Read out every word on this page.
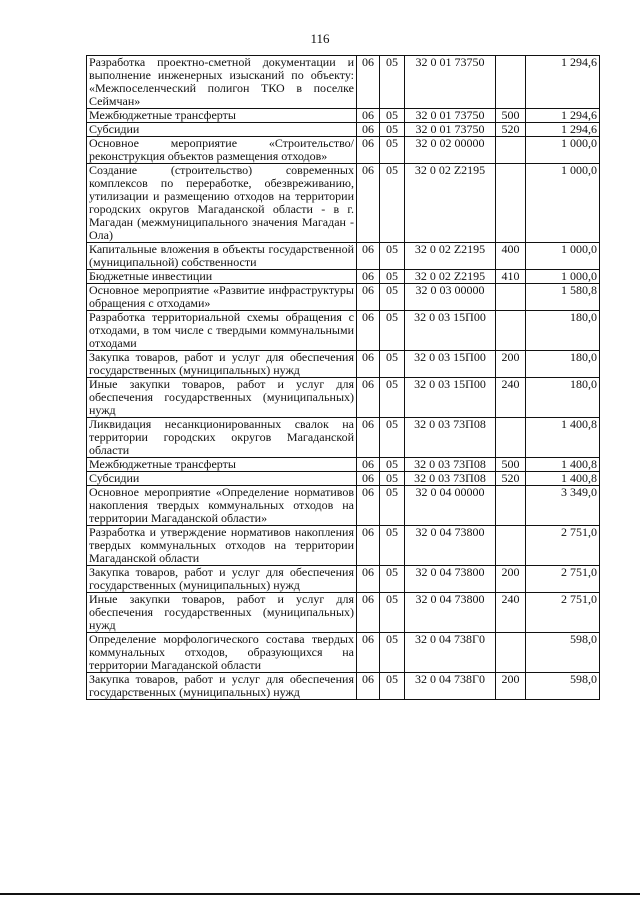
116
Разработка проектно-сметной документации и выполнение инженерных изысканий по объекту: «Межпоселенческий полигон ТКО в поселке Сеймчан»	06	05	32 0 01 73750		1 294,6
Межбюджетные трансферты	06	05	32 0 01 73750	500	1 294,6
Субсидии	06	05	32 0 01 73750	520	1 294,6
Основное мероприятие «Строительство/реконструкция объектов размещения отходов»	06	05	32 0 02 00000		1 000,0
Создание (строительство) современных комплексов по переработке, обезвреживанию, утилизации и размещению отходов на территории городских округов Магаданской области - в г. Магадан (межмуниципального значения Магадан - Ола)	06	05	32 0 02 Z2195		1 000,0
Капитальные вложения в объекты государственной (муниципальной) собственности	06	05	32 0 02 Z2195	400	1 000,0
Бюджетные инвестиции	06	05	32 0 02 Z2195	410	1 000,0
Основное мероприятие «Развитие инфраструктуры обращения с отходами»	06	05	32 0 03 00000		1 580,8
Разработка территориальной схемы обращения с отходами, в том числе с твердыми коммунальными отходами	06	05	32 0 03 15П00		180,0
Закупка товаров, работ и услуг для обеспечения государственных (муниципальных) нужд	06	05	32 0 03 15П00	200	180,0
Иные закупки товаров, работ и услуг для обеспечения государственных (муниципальных) нужд	06	05	32 0 03 15П00	240	180,0
Ликвидация несанкционированных свалок на территории городских округов Магаданской области	06	05	32 0 03 73П08		1 400,8
Межбюджетные трансферты	06	05	32 0 03 73П08	500	1 400,8
Субсидии	06	05	32 0 03 73П08	520	1 400,8
Основное мероприятие «Определение нормативов накопления твердых коммунальных отходов на территории Магаданской области»	06	05	32 0 04 00000		3 349,0
Разработка и утверждение нормативов накопления твердых коммунальных отходов на территории Магаданской области	06	05	32 0 04 73800		2 751,0
Закупка товаров, работ и услуг для обеспечения государственных (муниципальных) нужд	06	05	32 0 04 73800	200	2 751,0
Иные закупки товаров, работ и услуг для обеспечения государственных (муниципальных) нужд	06	05	32 0 04 73800	240	2 751,0
Определение морфологического состава твердых коммунальных отходов, образующихся на территории Магаданской области	06	05	32 0 04 738Г0		598,0
Закупка товаров, работ и услуг для обеспечения государственных (муниципальных) нужд	06	05	32 0 04 738Г0	200	598,0
